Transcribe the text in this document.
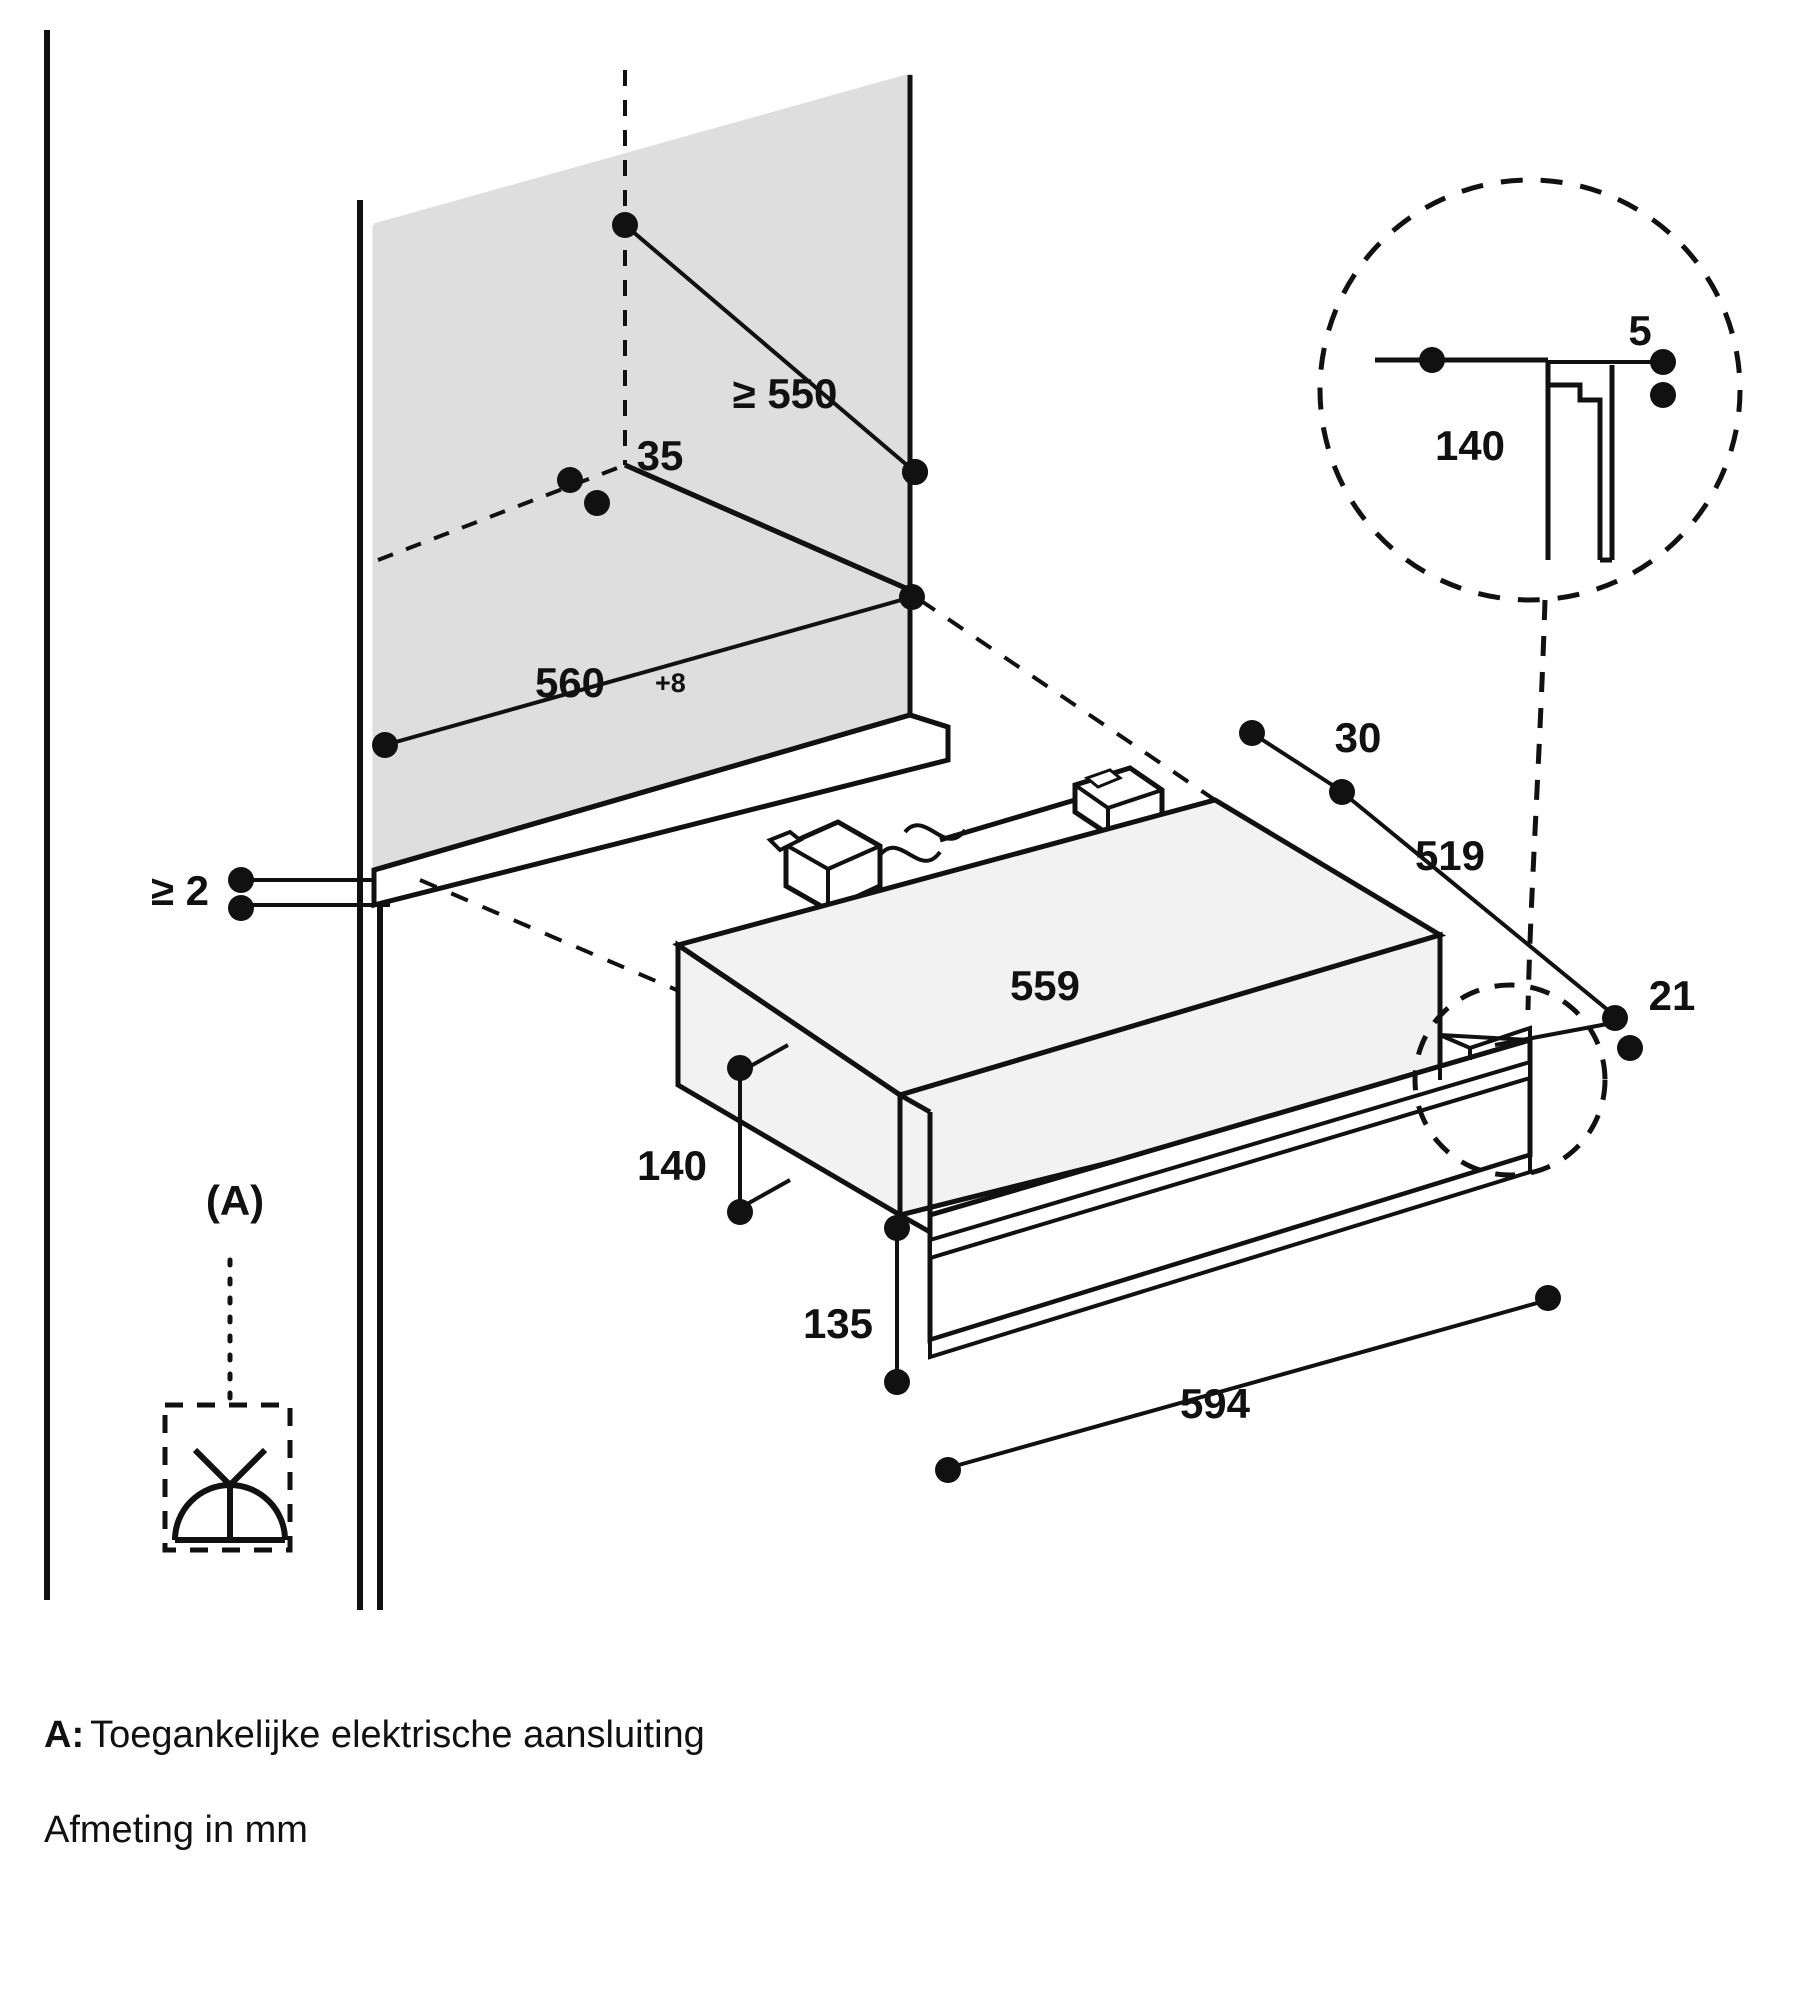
≥ 550
35
560 +8
≥ 2
559
30
519
21
140
135
594
5
140
(A)

A: Toegankelijke elektrische aansluiting

Afmeting in mm
